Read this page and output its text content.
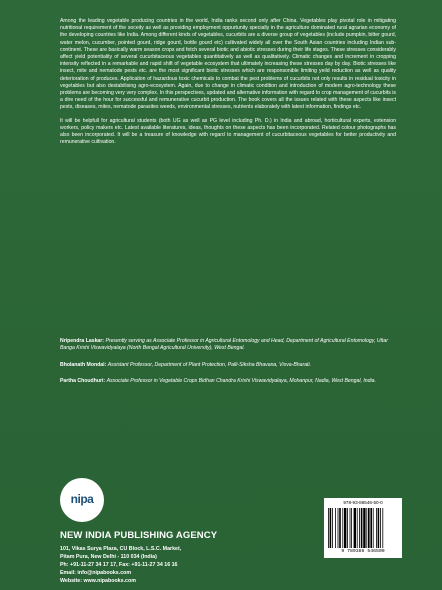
Among the leading vegetable producing countries in the world, India ranks second only after China. Vegetables play pivotal role in mitigating nutritional requirement of the soceity as well as providing employment oppurtunity specially in the agriculture dominated rural agrarian economy of the developing countries like India. Among different kinds of vegetables, cucurbits are a diverse group of vegetables (include pumpkin, bitter gourd, water melon, cucumber, pointed gourd, ridge gourd, bottle gourd etc) cultivated widely all over the South Asian countries including Indian sub-continent. These are basically warm season crops and fetch several biotic and abiotic stresses during their life stages. These stresses considerably affect yield potentiality of several cucurbitaceous vegetables quantitatively as well as qualitatively. Climatic changes and increment in cropping intensity reflected in a remarkable and rapid shift of vegetable ecosystem that ultimately increasing these stresses day by day. Biotic stresses like insect, mite and nematode pests etc. are the most significant biotic stresses which are responsonible limiting yeild reduction as well as quality deterioration of produces. Application of hazardous toxic chemicals to combat the pest problems of cucurbits not only results in residual toxicity in vegetables but also destabilising agro-ecosystem. Again, due to change in climatic condition and introduction of modern agro-technology these problems are becoming very very complex. In this perspectives, updated and alternative information with regard to crop management of cucurbits is a dire need of the hour for successful and remunerative cucurbit production. The book covers all the issues related with these aspects like insect pests, diseases, mites, nematode parasites weeds, environmental stresses, nutrients elaborately with latest information, findings etc.

It will be helpfull for agricultural students (both UG as well as PG level including Ph. D.) in India and abroad, horticultural experts, extension workers, policy makers etc. Latest available literatures, ideas, thoughts on these aspects has been incorporated. Related colour photographs has also been incorporated. It will be a treasure of knowledge with regard to management of cucurbitaceous vegetables for better productivity and remunerative cultivation.

Nripendra Laskar: Presently serving as Associate Professor in Agricultural Entomology and Head, Department of Agricultural Entomology, Uttar Banga Krishi Viswavidyalaya (North Bengal Agricultural University), West Bengal.
Bholanath Mondal: Assistant Professor, Department of Plant Protection, Palli-Siksha Bhavana, Visva-Bharati.
Partha Choudhuri: Associate Professor in Vegetable Crops Bidhan Chandra Krishi Viswavidyalaya, Mohanpur, Nadia, West Bengal, India.
nipa
NEW INDIA PUBLISHING AGENCY
101, Vikas Surya Plaza, CU Block, L.S.C. Market,
Pitam Pura, New Delhi - 110 034 (India)
Ph: +91-11-27 34 17 17, Fax: +91-11-27 34 16 16
Email: info@nipabooks.com
Website: www.nipabooks.com
978-93-86546-50-0
9 789386 546500
